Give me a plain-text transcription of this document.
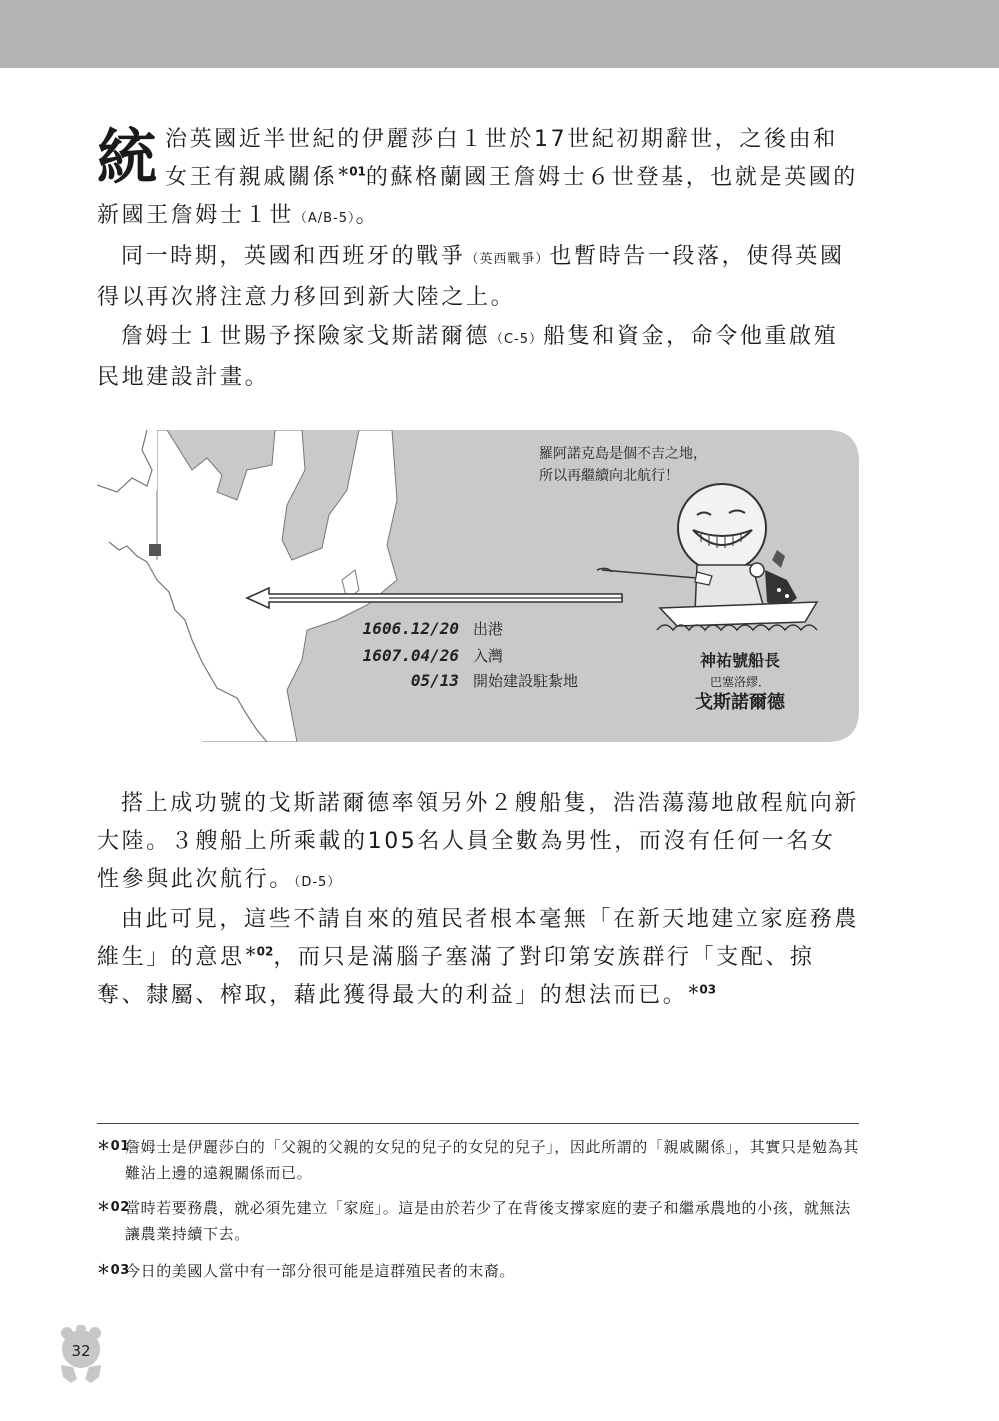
統治英國近半世紀的伊麗莎白１世於17世紀初期辭世，之後由和女王有親戚關係$^{*01}$的蘇格蘭國王詹姆士６世登基，也就是英國的新國王詹姆士１世（A/B-5）。

同一時期，英國和西班牙的戰爭（英西戰爭）也暫時告一段落，使得英國得以再次將注意力移回到新大陸之上。

詹姆士１世賜予探險家戈斯諾爾德（C-5）船隻和資金，命令他重啟殖民地建設計畫。

羅阿諾克島是個不吉之地，
所以再繼續向北航行！
1606.12/20 出港
1607.04/26 入灣
05/13 開始建設駐紮地
神祐號船長
巴塞洛繆．
戈斯諾爾德

搭上成功號的戈斯諾爾德率領另外２艘船隻，浩浩蕩蕩地啟程航向新大陸。３艘船上所乘載的105名人員全數為男性，而沒有任何一名女性參與此次航行。（D-5）

由此可見，這些不請自來的殖民者根本毫無「在新天地建立家庭務農維生」的意思$^{*02}$，而只是滿腦子塞滿了對印第安族群行「支配、掠奪、隸屬、榨取，藉此獲得最大的利益」的想法而已。$^{*03}$

＊01
詹姆士是伊麗莎白的「父親的父親的女兒的兒子的女兒的兒子」，因此所謂的「親戚關係」，其實只是勉為其難沾上邊的遠親關係而已。
＊02
當時若要務農，就必須先建立「家庭」。這是由於若少了在背後支撐家庭的妻子和繼承農地的小孩，就無法讓農業持續下去。
＊03
今日的美國人當中有一部分很可能是這群殖民者的末裔。
32
